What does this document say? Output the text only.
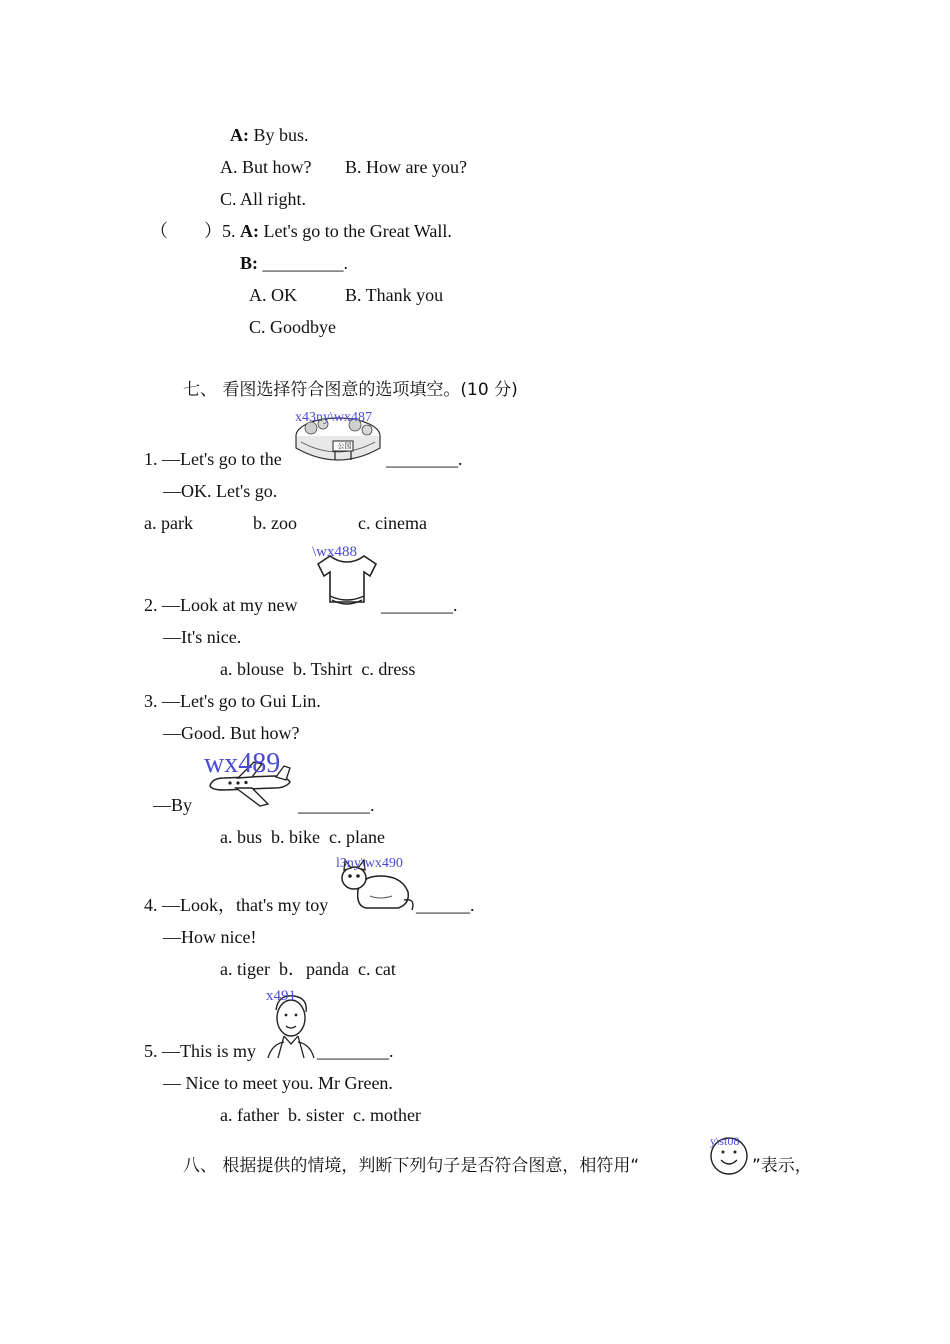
A: By bus.
A. But how? B. How are you?
C. All right.
（　　）5. A: Let's go to the Great Wall.
B: _________.
A. OK	B. Thank you
C. Goodbye
七、 看图选择符合图意的选项填空。(10 分)
公园
x43ny\wx487
1. —Let's go to the	________.
—OK. Let's go.
a. park	b. zoo	c. cinema
\wx488
2. —Look at my new	________.
—It's nice.
a. blouse  b. Tshirt  c. dress
3. —Let's go to Gui Lin.
—Good. But how?
wx489
—By	________.
a. bus  b. bike  c. plane
l3ny\wx490
4. —Look，that's my toy	______.
—How nice!
a. tiger  b．panda  c. cat
x491
5. —This is my	________.
— Nice to meet you. Mr Green.
a. father  b. sister  c. mother
八、 根据提供的情境，判断下列句子是否符合图意，相符用“
y\st08
”表示，
